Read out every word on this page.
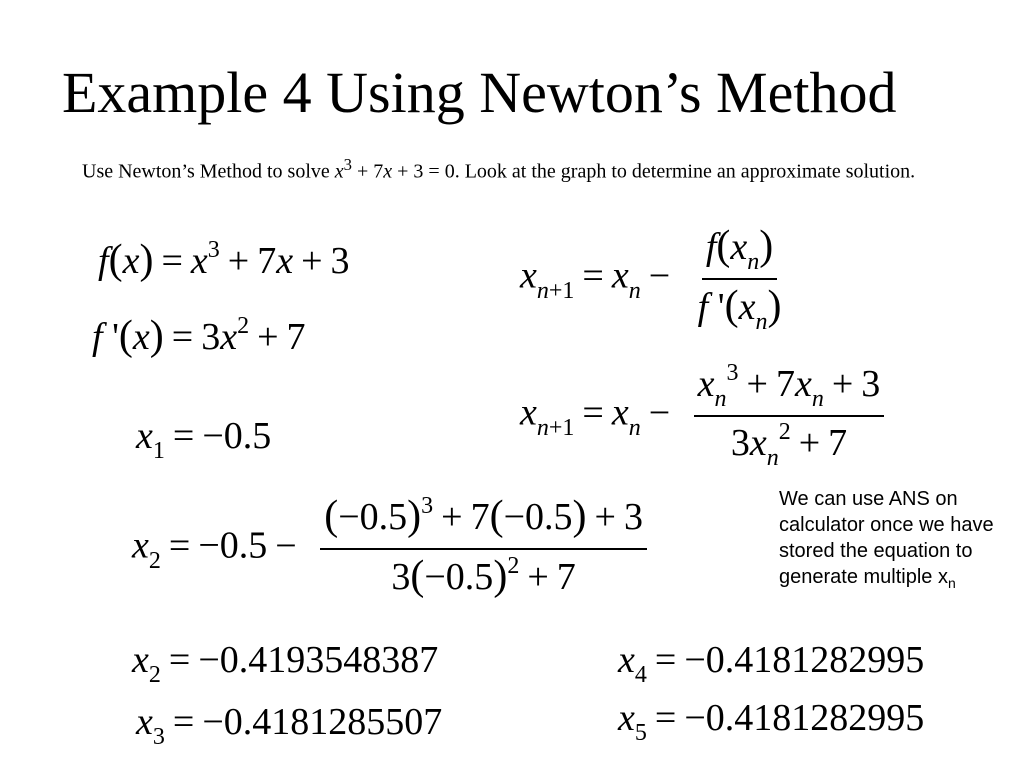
Example 4 Using Newton’s Method
Use Newton’s Method to solve $x^3 + 7x + 3 = 0$. Look at the graph to determine an approximate solution.
$f(x) = x^3 + 7x + 3$
f '$(x) = 3x^2 + 7$
$x_{n+1} = x_n - \frac{f(x_n)}{f '(x_n)}$
$x_{n+1} = x_n - \frac{x_n^3 + 7x_n + 3}{3x_n^2 + 7}$
$x_1 = -0.5$
$x_2 = -0.5 - \frac{(-0.5)^3 + 7(-0.5) + 3}{3(-0.5)^2 + 7}$	We can use ANS on calculator once we have stored the equation to generate multiple $x_n$
$x_2 = -0.4193548387$
$x_3 = -0.4181285507$
$x_4 = -0.4181282995$
$x_5 = -0.4181282995$
